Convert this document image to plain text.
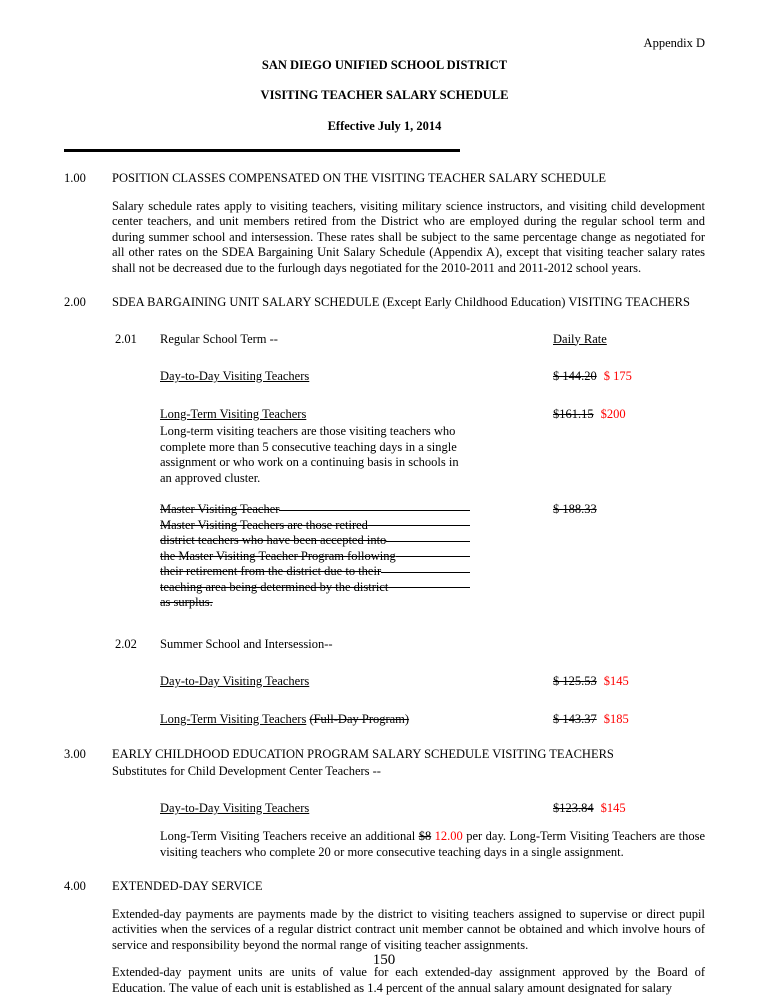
Appendix D
SAN DIEGO UNIFIED SCHOOL DISTRICT
VISITING TEACHER SALARY SCHEDULE
Effective July 1, 2014
1.00	POSITION CLASSES COMPENSATED ON THE VISITING TEACHER SALARY SCHEDULE

Salary schedule rates apply to visiting teachers, visiting military science instructors, and visiting child development center teachers, and unit members retired from the District who are employed during the regular school term and during summer school and intersession. These rates shall be subject to the same percentage change as negotiated for all other rates on the SDEA Bargaining Unit Salary Schedule (Appendix A), except that visiting teacher salary rates shall not be decreased due to the furlough days negotiated for the 2010-2011 and 2011-2012 school years.

2.00	SDEA BARGAINING UNIT SALARY SCHEDULE (Except Early Childhood Education) VISITING TEACHERS
2.01	Regular School Term --	Daily Rate
Day-to-Day Visiting Teachers	$ 144.20 $ 175
Long-Term Visiting Teachers	$161.15 $200
Long-term visiting teachers are those visiting teachers who complete more than 5 consecutive teaching days in a single assignment or who work on a continuing basis in schools in an approved cluster.
Master Visiting Teacher	$ 188.33
Master Visiting Teachers are those retired
district teachers who have been accepted into
the Master Visiting Teacher Program following
their retirement from the district due to their
teaching area being determined by the district
as surplus.
2.02	Summer School and Intersession--
Day-to-Day Visiting Teachers	$ 125.53 $145
Long-Term Visiting Teachers (Full-Day Program)	$ 143.37 $185
3.00	EARLY CHILDHOOD EDUCATION PROGRAM SALARY SCHEDULE VISITING TEACHERS
Substitutes for Child Development Center Teachers --
Day-to-Day Visiting Teachers	$123.84 $145

Long-Term Visiting Teachers receive an additional $8 12.00 per day. Long-Term Visiting Teachers are those visiting teachers who complete 20 or more consecutive teaching days in a single assignment.

4.00	EXTENDED-DAY SERVICE

Extended-day payments are payments made by the district to visiting teachers assigned to supervise or direct pupil activities when the services of a regular district contract unit member cannot be obtained and which involve hours of service and responsibility beyond the normal range of visiting teacher assignments.

Extended-day payment units are units of value for each extended-day assignment approved by the Board of Education. The value of each unit is established as 1.4 percent of the annual salary amount designated for salary

150
